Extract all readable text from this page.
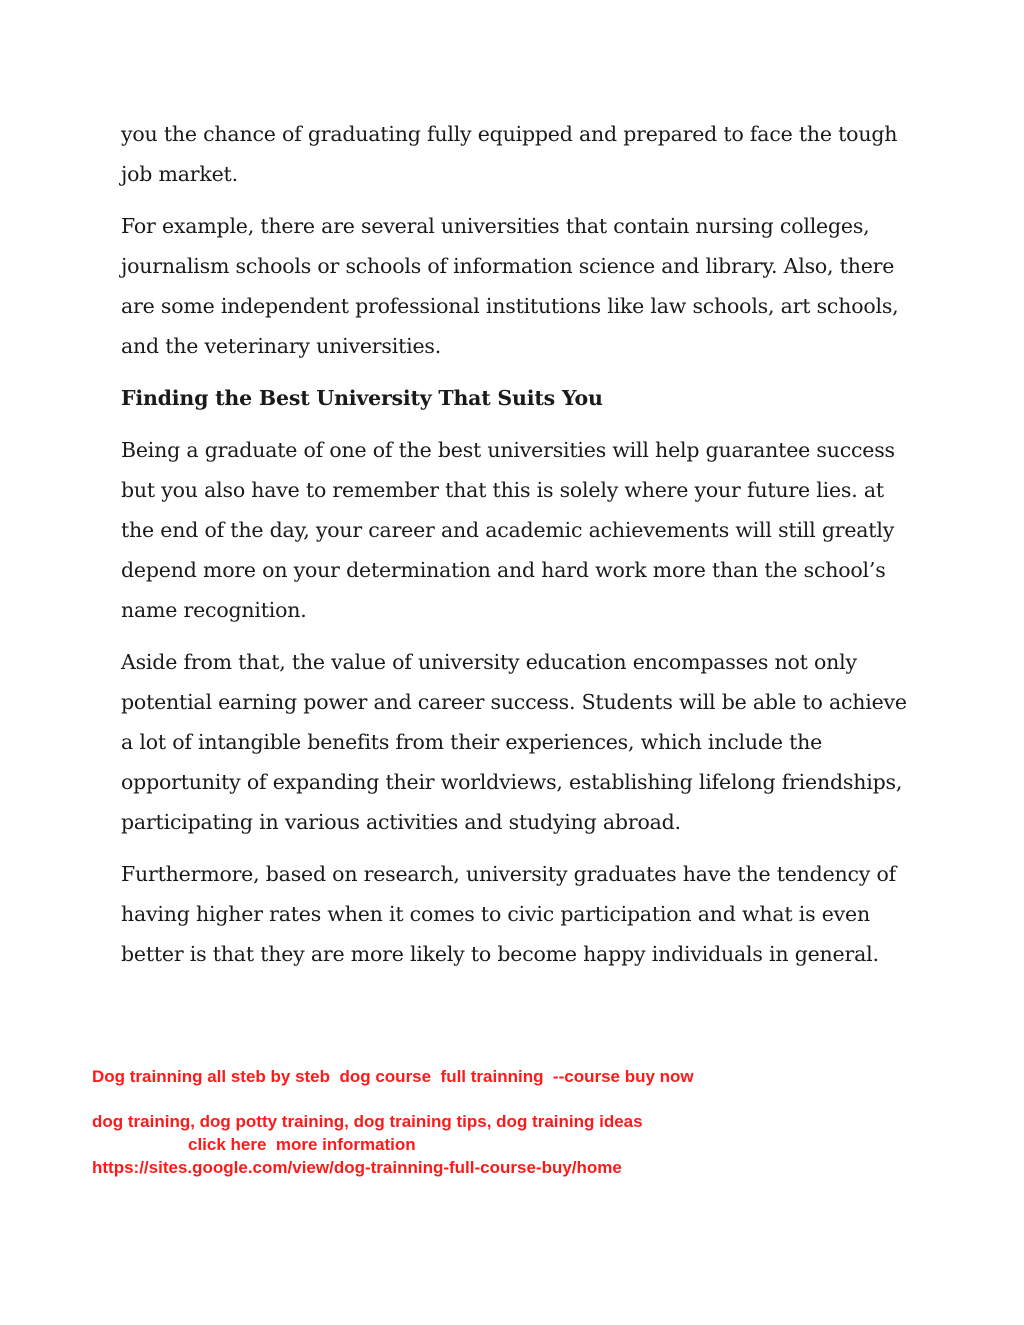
you the chance of graduating fully equipped and prepared to face the tough job market.

For example, there are several universities that contain nursing colleges, journalism schools or schools of information science and library. Also, there are some independent professional institutions like law schools, art schools, and the veterinary universities.

Finding the Best University That Suits You

Being a graduate of one of the best universities will help guarantee success but you also have to remember that this is solely where your future lies. at the end of the day, your career and academic achievements will still greatly depend more on your determination and hard work more than the school’s name recognition.

Aside from that, the value of university education encompasses not only potential earning power and career success. Students will be able to achieve a lot of intangible benefits from their experiences, which include the opportunity of expanding their worldviews, establishing lifelong friendships, participating in various activities and studying abroad.

Furthermore, based on research, university graduates have the tendency of having higher rates when it comes to civic participation and what is even better is that they are more likely to become happy individuals in general.

Dog trainning all steb by steb  dog course  full trainning  --course buy now
dog training, dog potty training, dog training tips, dog training ideas
click here  more information
https://sites.google.com/view/dog-trainning-full-course-buy/home
